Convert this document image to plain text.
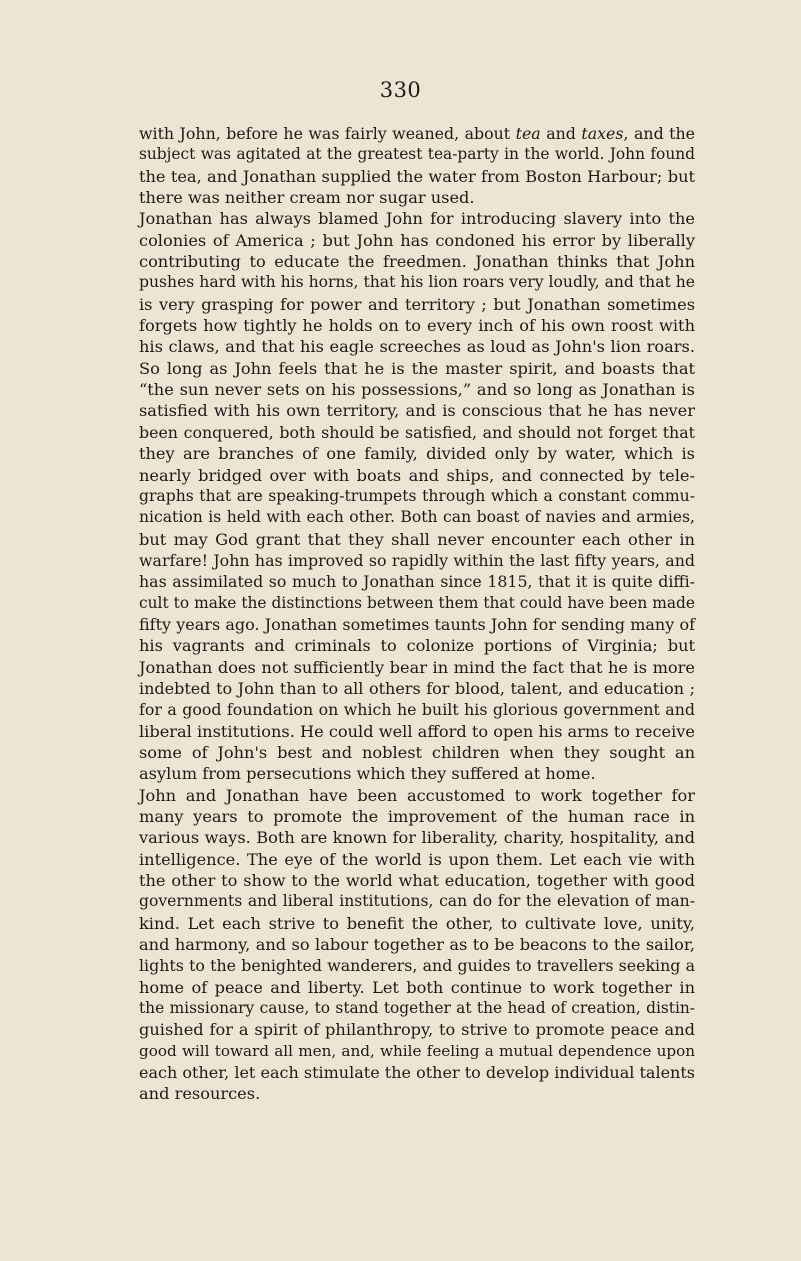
330
with John, before he was fairly weaned, about tea and taxes, and the
subject was agitated at the greatest tea-party in the world. John found
the tea, and Jonathan supplied the water from Boston Harbour; but
there was neither cream nor sugar used.
Jonathan has always blamed John for introducing slavery into the
colonies of America ; but John has condoned his error by liberally
contributing to educate the freedmen. Jonathan thinks that John
pushes hard with his horns, that his lion roars very loudly, and that he
is very grasping for power and territory ; but Jonathan sometimes
forgets how tightly he holds on to every inch of his own roost with
his claws, and that his eagle screeches as loud as John's lion roars.
So long as John feels that he is the master spirit, and boasts that
“the sun never sets on his possessions,” and so long as Jonathan is
satisfied with his own territory, and is conscious that he has never
been conquered, both should be satisfied, and should not forget that
they are branches of one family, divided only by water, which is
nearly bridged over with boats and ships, and connected by tele-
graphs that are speaking-trumpets through which a constant commu-
nication is held with each other. Both can boast of navies and armies,
but may God grant that they shall never encounter each other in
warfare! John has improved so rapidly within the last fifty years, and
has assimilated so much to Jonathan since 1815, that it is quite diffi-
cult to make the distinctions between them that could have been made
fifty years ago. Jonathan sometimes taunts John for sending many of
his vagrants and criminals to colonize portions of Virginia; but
Jonathan does not sufficiently bear in mind the fact that he is more
indebted to John than to all others for blood, talent, and education ;
for a good foundation on which he built his glorious government and
liberal institutions. He could well afford to open his arms to receive
some of John's best and noblest children when they sought an
asylum from persecutions which they suffered at home.
John and Jonathan have been accustomed to work together for
many years to promote the improvement of the human race in
various ways. Both are known for liberality, charity, hospitality, and
intelligence. The eye of the world is upon them. Let each vie with
the other to show to the world what education, together with good
governments and liberal institutions, can do for the elevation of man-
kind. Let each strive to benefit the other, to cultivate love, unity,
and harmony, and so labour together as to be beacons to the sailor,
lights to the benighted wanderers, and guides to travellers seeking a
home of peace and liberty. Let both continue to work together in
the missionary cause, to stand together at the head of creation, distin-
guished for a spirit of philanthropy, to strive to promote peace and
good will toward all men, and, while feeling a mutual dependence upon
each other, let each stimulate the other to develop individual talents
and resources.
